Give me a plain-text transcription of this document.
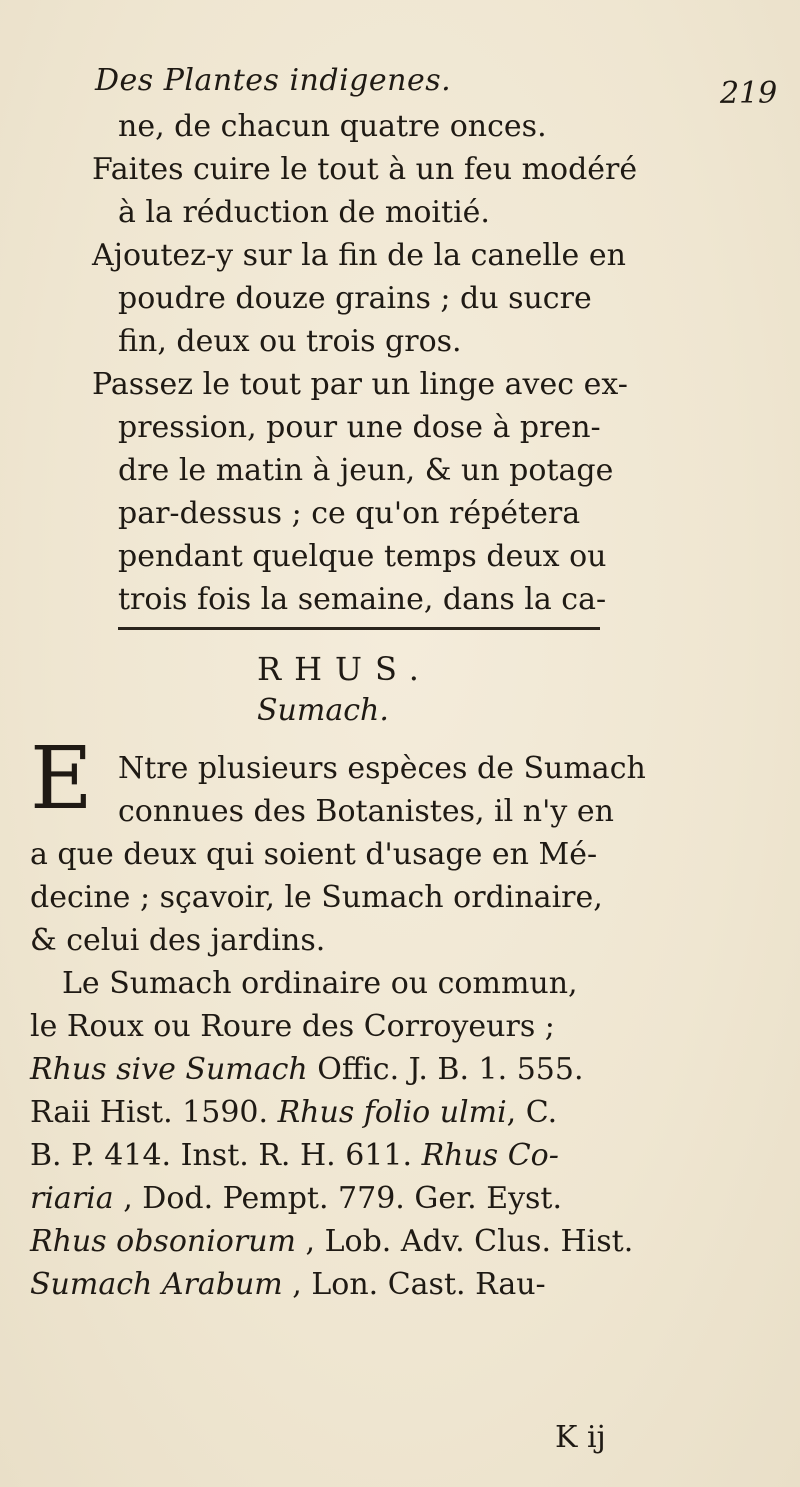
Des Plantes indigenes.	219
ne, de chacun quatre onces.
Faites cuire le tout à un feu modéré
à la réduction de moitié.
Ajoutez-y sur la fin de la canelle en
poudre douze grains ; du sucre
fin, deux ou trois gros.
Passez le tout par un linge avec ex-
pression, pour une dose à pren-
dre le matin à jeun, & un potage
par-dessus ; ce qu'on répétera
pendant quelque temps deux ou
trois fois la semaine, dans la ca-
RHUS.
Sumach.
E Ntre plusieurs espèces de Sumach
connues des Botanistes, il n'y en
a que deux qui soient d'usage en Mé-
decine ; sçavoir, le Sumach ordinaire,
& celui des jardins.
Le Sumach ordinaire ou commun,
le Roux ou Roure des Corroyeurs ;
Rhus sive Sumach Offic. J. B. 1. 555.
Raii Hist. 1590. Rhus folio ulmi, C.
B. P. 414. Inst. R. H. 611. Rhus Co-
riaria , Dod. Pempt. 779. Ger. Eyst.
Rhus obsoniorum , Lob. Adv. Clus. Hist.
Sumach Arabum , Lon. Cast. Rau-
K ij
